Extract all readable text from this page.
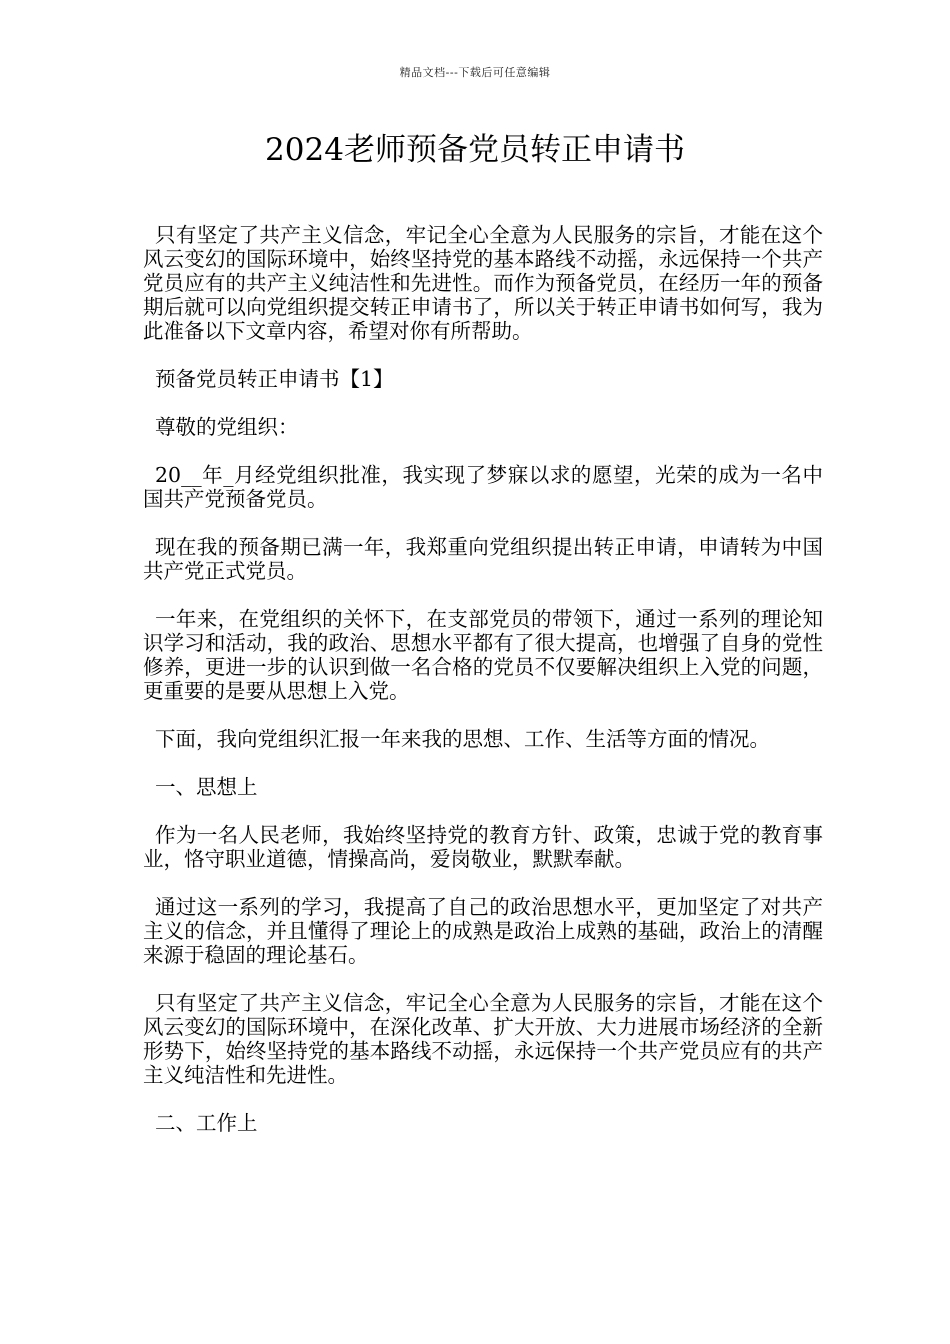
精品文档---下载后可任意编辑
2024老师预备党员转正申请书

只有坚定了共产主义信念，牢记全心全意为人民服务的宗旨，才能在这个风云变幻的国际环境中，始终坚持党的基本路线不动摇，永远保持一个共产党员应有的共产主义纯洁性和先进性。而作为预备党员，在经历一年的预备期后就可以向党组织提交转正申请书了，所以关于转正申请书如何写，我为此准备以下文章内容，希望对你有所帮助。

预备党员转正申请书【1】

尊敬的党组织：

20__年_月经党组织批准，我实现了梦寐以求的愿望，光荣的成为一名中国共产党预备党员。

现在我的预备期已满一年，我郑重向党组织提出转正申请，申请转为中国共产党正式党员。

一年来，在党组织的关怀下，在支部党员的带领下，通过一系列的理论知识学习和活动，我的政治、思想水平都有了很大提高，也增强了自身的党性修养，更进一步的认识到做一名合格的党员不仅要解决组织上入党的问题，更重要的是要从思想上入党。

下面，我向党组织汇报一年来我的思想、工作、生活等方面的情况。

一、思想上

作为一名人民老师，我始终坚持党的教育方针、政策，忠诚于党的教育事业，恪守职业道德，情操高尚，爱岗敬业，默默奉献。

通过这一系列的学习，我提高了自己的政治思想水平，更加坚定了对共产主义的信念，并且懂得了理论上的成熟是政治上成熟的基础，政治上的清醒来源于稳固的理论基石。

只有坚定了共产主义信念，牢记全心全意为人民服务的宗旨，才能在这个风云变幻的国际环境中，在深化改革、扩大开放、大力进展市场经济的全新形势下，始终坚持党的基本路线不动摇，永远保持一个共产党员应有的共产主义纯洁性和先进性。

二、工作上
